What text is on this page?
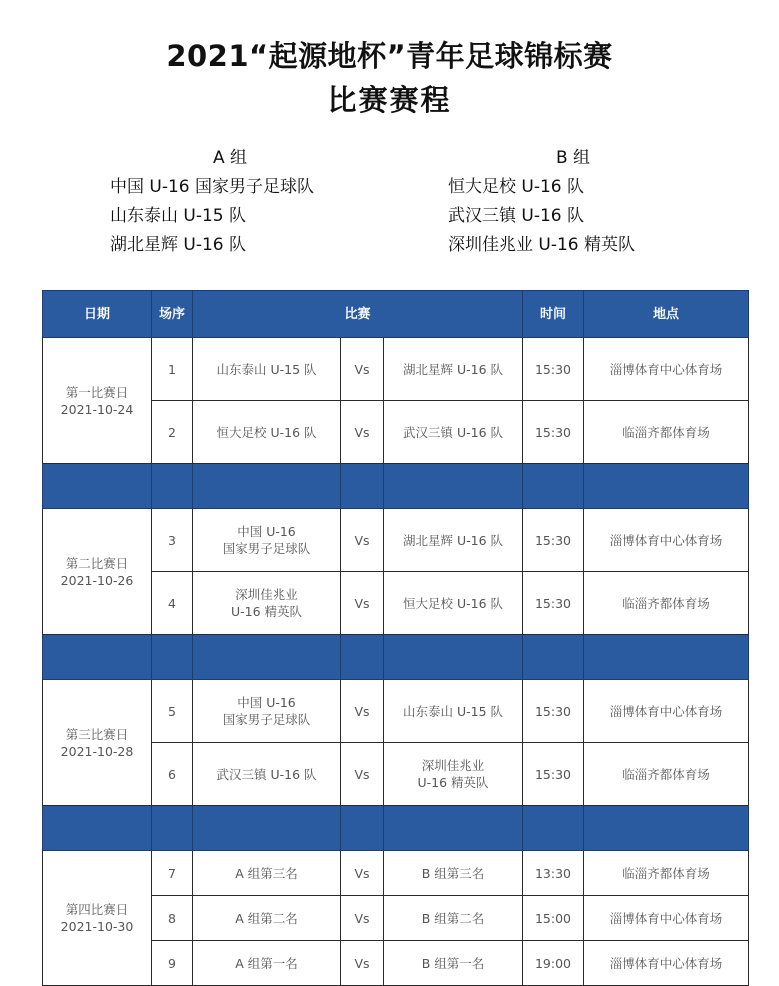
2021“起源地杯”青年足球锦标赛
比赛赛程
A 组
中国 U-16 国家男子足球队
山东泰山 U-15 队
湖北星辉 U-16 队
B 组
恒大足校 U-16 队
武汉三镇 U-16 队
深圳佳兆业 U-16 精英队
日期	场序	比赛			时间	地点

第一比赛日
2021-10-24	1	山东泰山 U-15 队	Vs	湖北星辉 U-16 队	15:30	淄博体育中心体育场
	2	恒大足校 U-16 队	Vs	武汉三镇 U-16 队	15:30	临淄齐都体育场

第二比赛日
2021-10-26
	3	中国 U-16
国家男子足球队	Vs	湖北星辉 U-16 队	15:30	淄博体育中心体育场
	4	深圳佳兆业
U-16 精英队	Vs	恒大足校 U-16 队	15:30	临淄齐都体育场

第三比赛日
2021-10-28
	5	中国 U-16
国家男子足球队	Vs	山东泰山 U-15 队	15:30	淄博体育中心体育场
	6	武汉三镇 U-16 队	Vs	深圳佳兆业
U-16 精英队	15:30	临淄齐都体育场

第四比赛日
2021-10-30	7	A 组第三名	Vs	B 组第三名	13:30	临淄齐都体育场
	8	A 组第二名	Vs	B 组第二名	15:00	淄博体育中心体育场
	9	A 组第一名	Vs	B 组第一名	19:00	淄博体育中心体育场
